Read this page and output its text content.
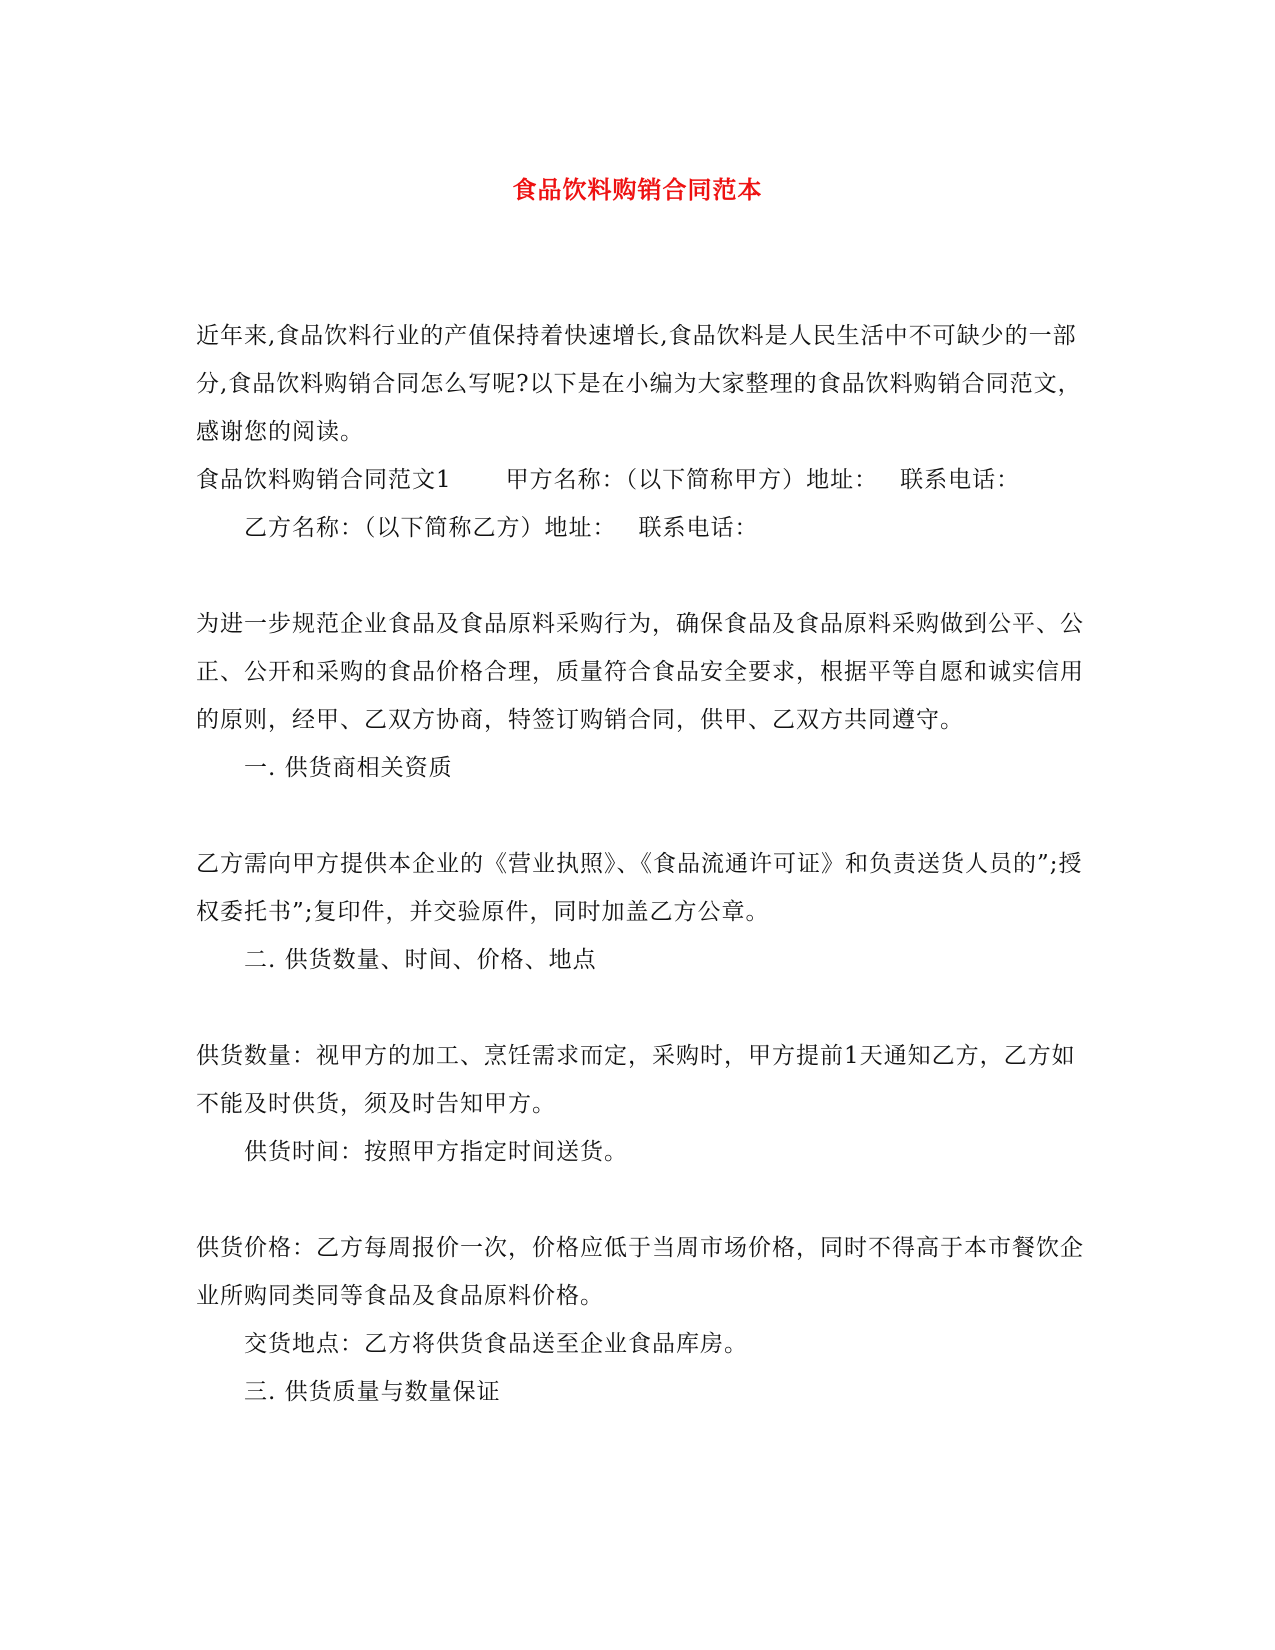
食品饮料购销合同范本

近年来,食品饮料行业的产值保持着快速增长,食品饮料是人民生活中不可缺少的一部分,食品饮料购销合同怎么写呢?以下是在小编为大家整理的食品饮料购销合同范文，感谢您的阅读。

食品饮料购销合同范文1 甲方名称：（以下简称甲方）地址： 联系电话：

乙方名称：（以下简称乙方）地址： 联系电话：

为进一步规范企业食品及食品原料采购行为，确保食品及食品原料采购做到公平、公正、公开和采购的食品价格合理，质量符合食品安全要求，根据平等自愿和诚实信用的原则，经甲、乙双方协商，特签订购销合同，供甲、乙双方共同遵守。

一. 供货商相关资质

乙方需向甲方提供本企业的《营业执照》、《食品流通许可证》和负责送货人员的”;授权委托书”;复印件，并交验原件，同时加盖乙方公章。

二. 供货数量、时间、价格、地点

供货数量：视甲方的加工、烹饪需求而定，采购时，甲方提前1天通知乙方，乙方如不能及时供货，须及时告知甲方。

供货时间：按照甲方指定时间送货。

供货价格：乙方每周报价一次，价格应低于当周市场价格，同时不得高于本市餐饮企业所购同类同等食品及食品原料价格。

交货地点：乙方将供货食品送至企业食品库房。

三. 供货质量与数量保证
